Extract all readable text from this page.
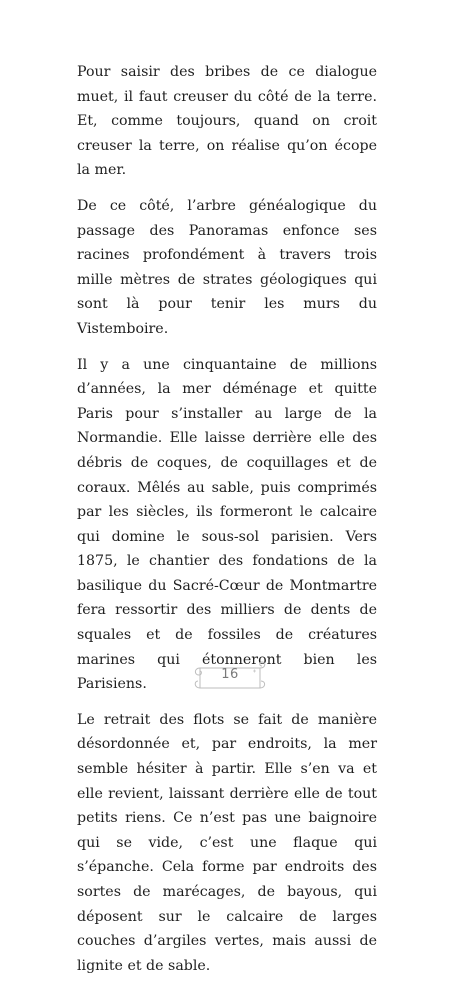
Pour saisir des bribes de ce dialogue muet, il faut creuser du côté de la terre. Et, comme toujours, quand on croit creuser la terre, on réalise qu’on écope la mer.

De ce côté, l’arbre généalogique du passage des Panoramas enfonce ses racines profondément à travers trois mille mètres de strates géologiques qui sont là pour tenir les murs du Vistemboire.

Il y a une cinquantaine de millions d’années, la mer déménage et quitte Paris pour s’installer au large de la Normandie. Elle laisse derrière elle des débris de coques, de coquillages et de coraux. Mêlés au sable, puis comprimés par les siècles, ils formeront le calcaire qui domine le sous-sol parisien. Vers 1875, le chantier des fondations de la basilique du Sacré-Cœur de Montmartre fera ressortir des milliers de dents de squales et de fossiles de créatures marines qui étonneront bien les Parisiens.

Le retrait des flots se fait de manière désordonnée et, par endroits, la mer semble hésiter à partir. Elle s’en va et elle revient, laissant derrière elle de tout petits riens. Ce n’est pas une baignoire qui se vide, c’est une flaque qui s’épanche. Cela forme par endroits des sortes de marécages, de bayous, qui déposent sur le calcaire de larges couches d’argiles vertes, mais aussi de lignite et de sable.

16
